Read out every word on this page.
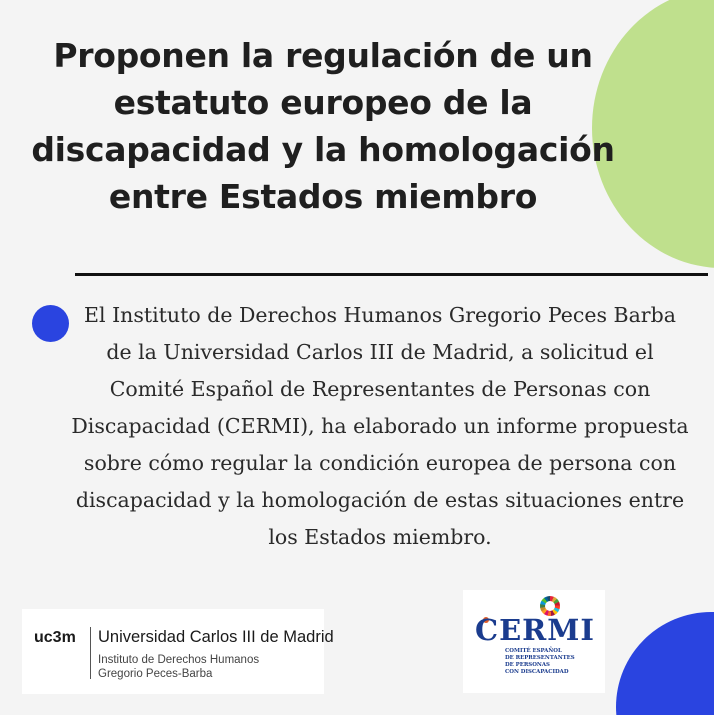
Proponen la regulación de un estatuto europeo de la discapacidad y la homologación entre Estados miembro

El Instituto de Derechos Humanos Gregorio Peces Barba de la Universidad Carlos III de Madrid, a solicitud el Comité Español de Representantes de Personas con Discapacidad (CERMI), ha elaborado un informe propuesta sobre cómo regular la condición europea de persona con discapacidad y la homologación de estas situaciones entre los Estados miembro.

uc3m Universidad Carlos III de Madrid
Instituto de Derechos Humanos
Gregorio Peces-Barba
CERMI
COMITÉ ESPAÑOL
DE REPRESENTANTES
DE PERSONAS
CON DISCAPACIDAD
